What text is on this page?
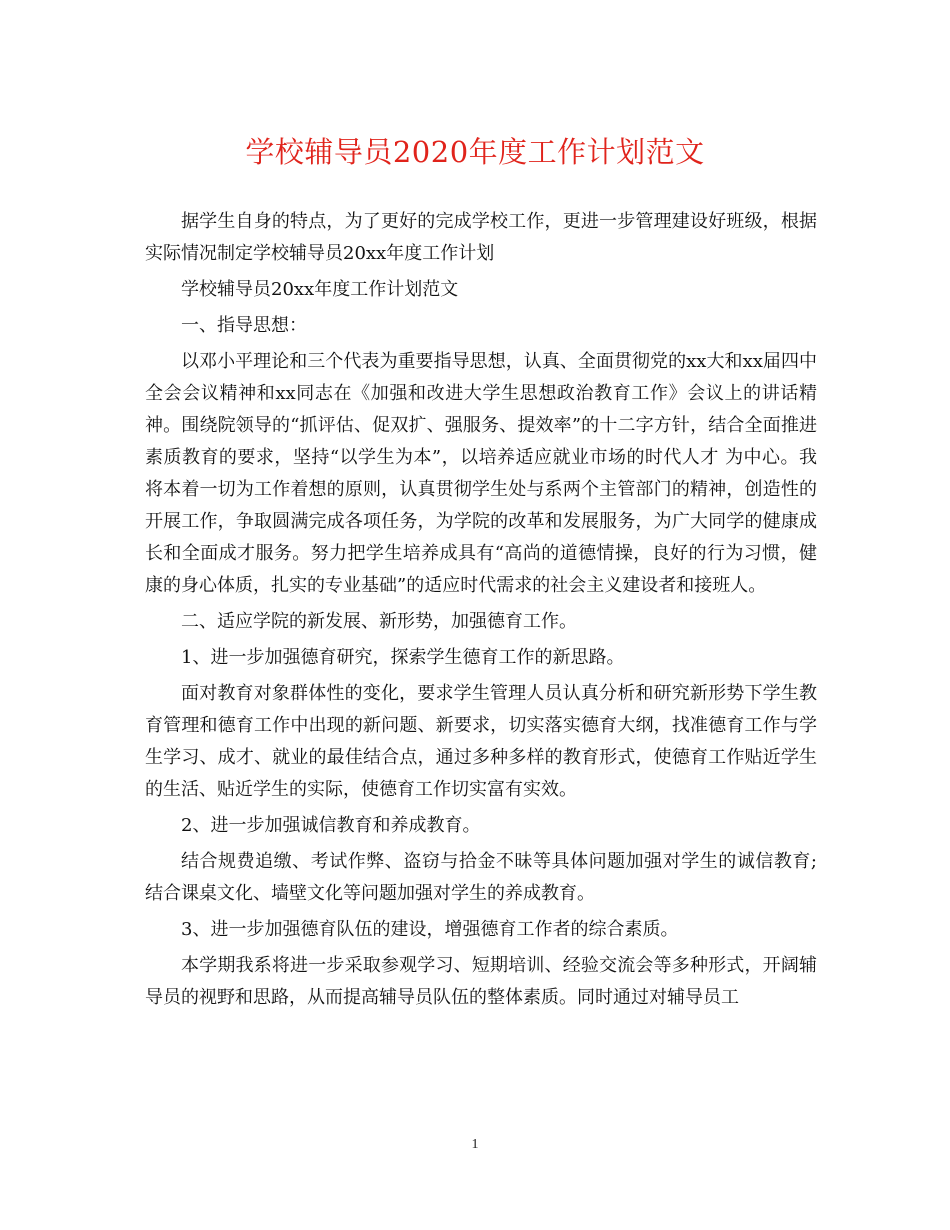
学校辅导员2020年度工作计划范文

据学生自身的特点，为了更好的完成学校工作，更进一步管理建设好班级，根据实际情况制定学校辅导员20xx年度工作计划

学校辅导员20xx年度工作计划范文

一、指导思想：

以邓小平理论和三个代表为重要指导思想，认真、全面贯彻党的xx大和xx届四中全会会议精神和xx同志在《加强和改进大学生思想政治教育工作》会议上的讲话精神。围绕院领导的“抓评估、促双扩、强服务、提效率”的十二字方针，结合全面推进素质教育的要求，坚持“以学生为本”，以培养适应就业市场的时代人才 为中心。我将本着一切为工作着想的原则，认真贯彻学生处与系两个主管部门的精神，创造性的开展工作，争取圆满完成各项任务，为学院的改革和发展服务，为广大同学的健康成长和全面成才服务。努力把学生培养成具有“高尚的道德情操，良好的行为习惯，健康的身心体质，扎实的专业基础”的适应时代需求的社会主义建设者和接班人。

二、适应学院的新发展、新形势，加强德育工作。

1、进一步加强德育研究，探索学生德育工作的新思路。

面对教育对象群体性的变化，要求学生管理人员认真分析和研究新形势下学生教育管理和德育工作中出现的新问题、新要求，切实落实德育大纲，找准德育工作与学生学习、成才、就业的最佳结合点，通过多种多样的教育形式，使德育工作贴近学生的生活、贴近学生的实际，使德育工作切实富有实效。

2、进一步加强诚信教育和养成教育。

结合规费追缴、考试作弊、盗窃与拾金不昧等具体问题加强对学生的诚信教育;结合课桌文化、墙壁文化等问题加强对学生的养成教育。

3、进一步加强德育队伍的建设，增强德育工作者的综合素质。

本学期我系将进一步采取参观学习、短期培训、经验交流会等多种形式，开阔辅导员的视野和思路，从而提高辅导员队伍的整体素质。同时通过对辅导员工

1
